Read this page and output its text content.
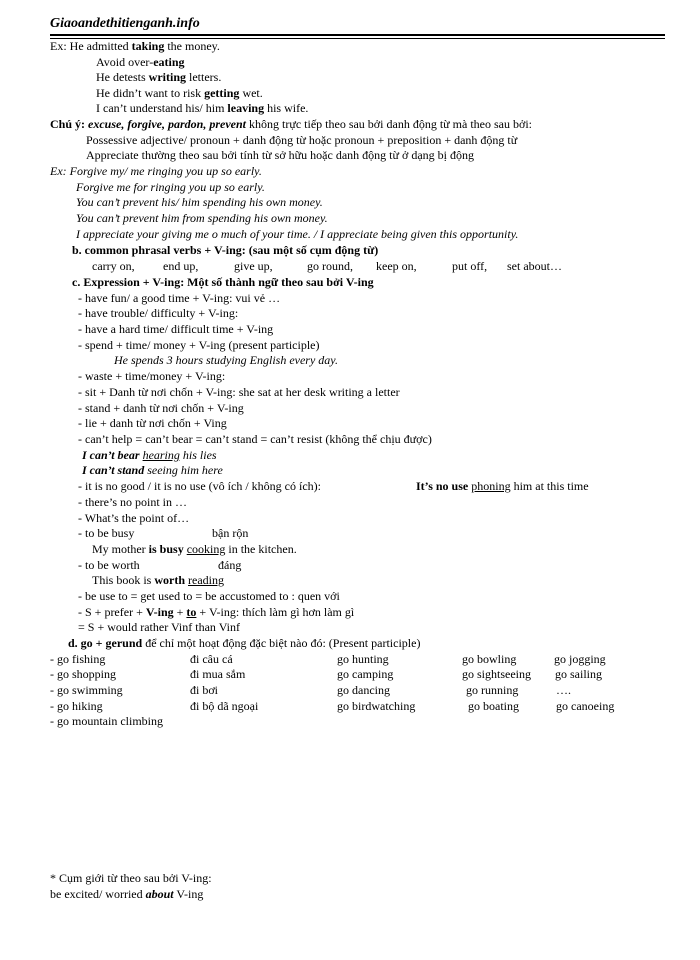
Giaoandethitienganh.info
Ex: He admitted taking the money.
Avoid over-eating
He detests writing letters.
He didn’t want to risk getting wet.
I can’t understand his/ him leaving his wife.
Chú ý: excuse, forgive, pardon, prevent không trực tiếp theo sau bởi danh động từ mà theo sau bởi:
Possessive adjective/ pronoun + danh động từ hoặc pronoun + preposition + danh động từ
Appreciate thường theo sau bởi tính từ sở hữu hoặc danh động từ ở dạng bị động
Ex: Forgive my/ me ringing you up so early.
Forgive me for ringing you up so early.
You can’t prevent his/ him spending his own money.
You can’t prevent him from spending his own money.
I appreciate your giving me o much of your time. / I appreciate being given this opportunity.
b. common phrasal verbs + V-ing: (sau một số cụm động từ)
carry on, end up,	give up,	go round, keep on,	put off, set about…
c. Expression + V-ing: Một số thành ngữ theo sau bởi V-ing
- have fun/ a good time + V-ing: vui vẻ …
- have trouble/ difficulty + V-ing:
- have a hard time/ difficult time + V-ing
- spend + time/ money + V-ing (present participle)
He spends 3 hours studying English every day.
- waste + time/money + V-ing:
- sit + Danh từ nơi chốn + V-ing: she sat at her desk writing a letter
- stand + danh từ nơi chốn + V-ing
- lie + danh từ nơi chốn + Ving
- can’t help = can’t bear = can’t stand = can’t resist (không thể chịu được)
I can’t bear hearing his lies
I can’t stand seeing him here
- it is no good / it is no use (vô ích / không có ích):	It’s no use phoning him at this time
- there’s no point in …
- What’s the point of…
- to be busy	bận rộn
My mother is busy cooking in the kitchen.
- to be worth	đáng
This book is worth reading
- be use to = get used to = be accustomed to : quen với
- S + prefer + V-ing + to + V-ing: thích làm gì hơn làm gì
= S + would rather Vinf than Vinf
d. go + gerund để chỉ một hoạt động đặc biệt nào đó: (Present participle)
- go fishing	đi câu cá	go hunting	go bowling	go jogging
- go shopping	đi mua sắm	go camping	go sightseeing go sailing
- go swimming	đi bơi	go dancing	go running	….
- go hiking	đi bộ dã ngoại	go birdwatching	go boating	go canoeing
- go mountain climbing
* Cụm giới từ theo sau bởi V-ing:
be excited/ worried about V-ing
